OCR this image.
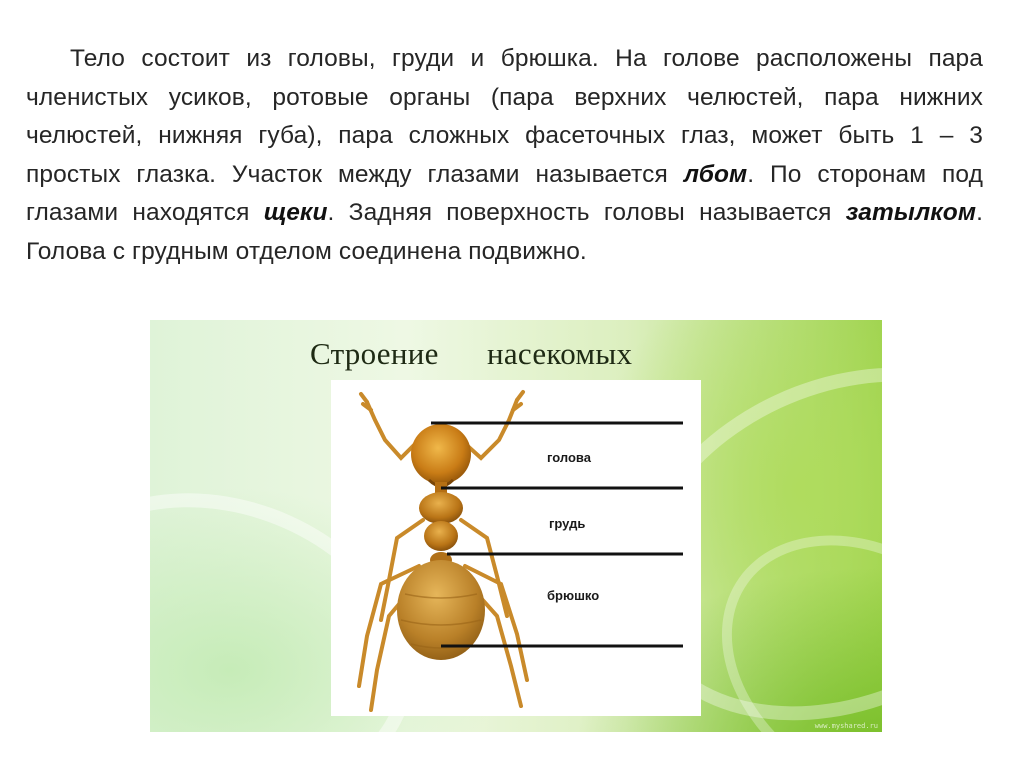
Тело состоит из головы, груди и брюшка. На голове расположены пара члениcтых усиков, ротовые органы (пара верхних челюстей, пара нижних челюстей, нижняя губа), пара сложных фасеточных глаз, может быть 1 – 3 простых глазка. Участок между глазами называется лбом. По сторонам под глазами находятся щеки. Задняя поверхность головы называется затылком. Голова с грудным отделом соединена подвижно.

Строение      насекомых
голова
грудь
брюшко
www.myshared.ru
